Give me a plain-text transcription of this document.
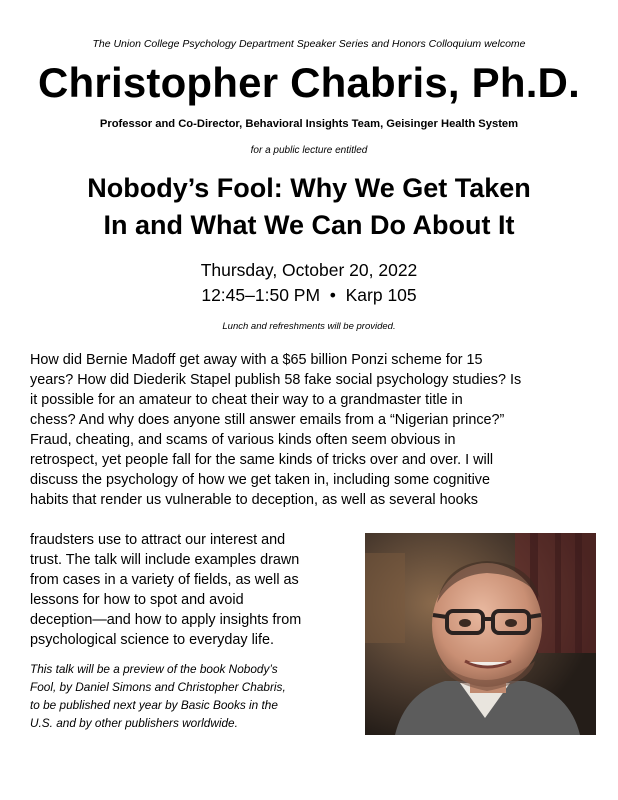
The Union College Psychology Department Speaker Series and Honors Colloquium welcome
Christopher Chabris, Ph.D.
Professor and Co-Director, Behavioral Insights Team, Geisinger Health System
for a public lecture entitled
Nobody’s Fool: Why We Get Taken
In and What We Can Do About It
Thursday, October 20, 2022
12:45–1:50 PM  •  Karp 105
Lunch and refreshments will be provided.
How did Bernie Madoff get away with a $65 billion Ponzi scheme for 15
years? How did Diederik Stapel publish 58 fake social psychology studies? Is
it possible for an amateur to cheat their way to a grandmaster title in
chess? And why does anyone still answer emails from a “Nigerian prince?”
Fraud, cheating, and scams of various kinds often seem obvious in
retrospect, yet people fall for the same kinds of tricks over and over. I will
discuss the psychology of how we get taken in, including some cognitive
habits that render us vulnerable to deception, as well as several hooks
fraudsters use to attract our interest and
trust. The talk will include examples drawn
from cases in a variety of fields, as well as
lessons for how to spot and avoid
deception—and how to apply insights from
psychological science to everyday life.
This talk will be a preview of the book Nobody’s
Fool, by Daniel Simons and Christopher Chabris,
to be published next year by Basic Books in the
U.S. and by other publishers worldwide.
